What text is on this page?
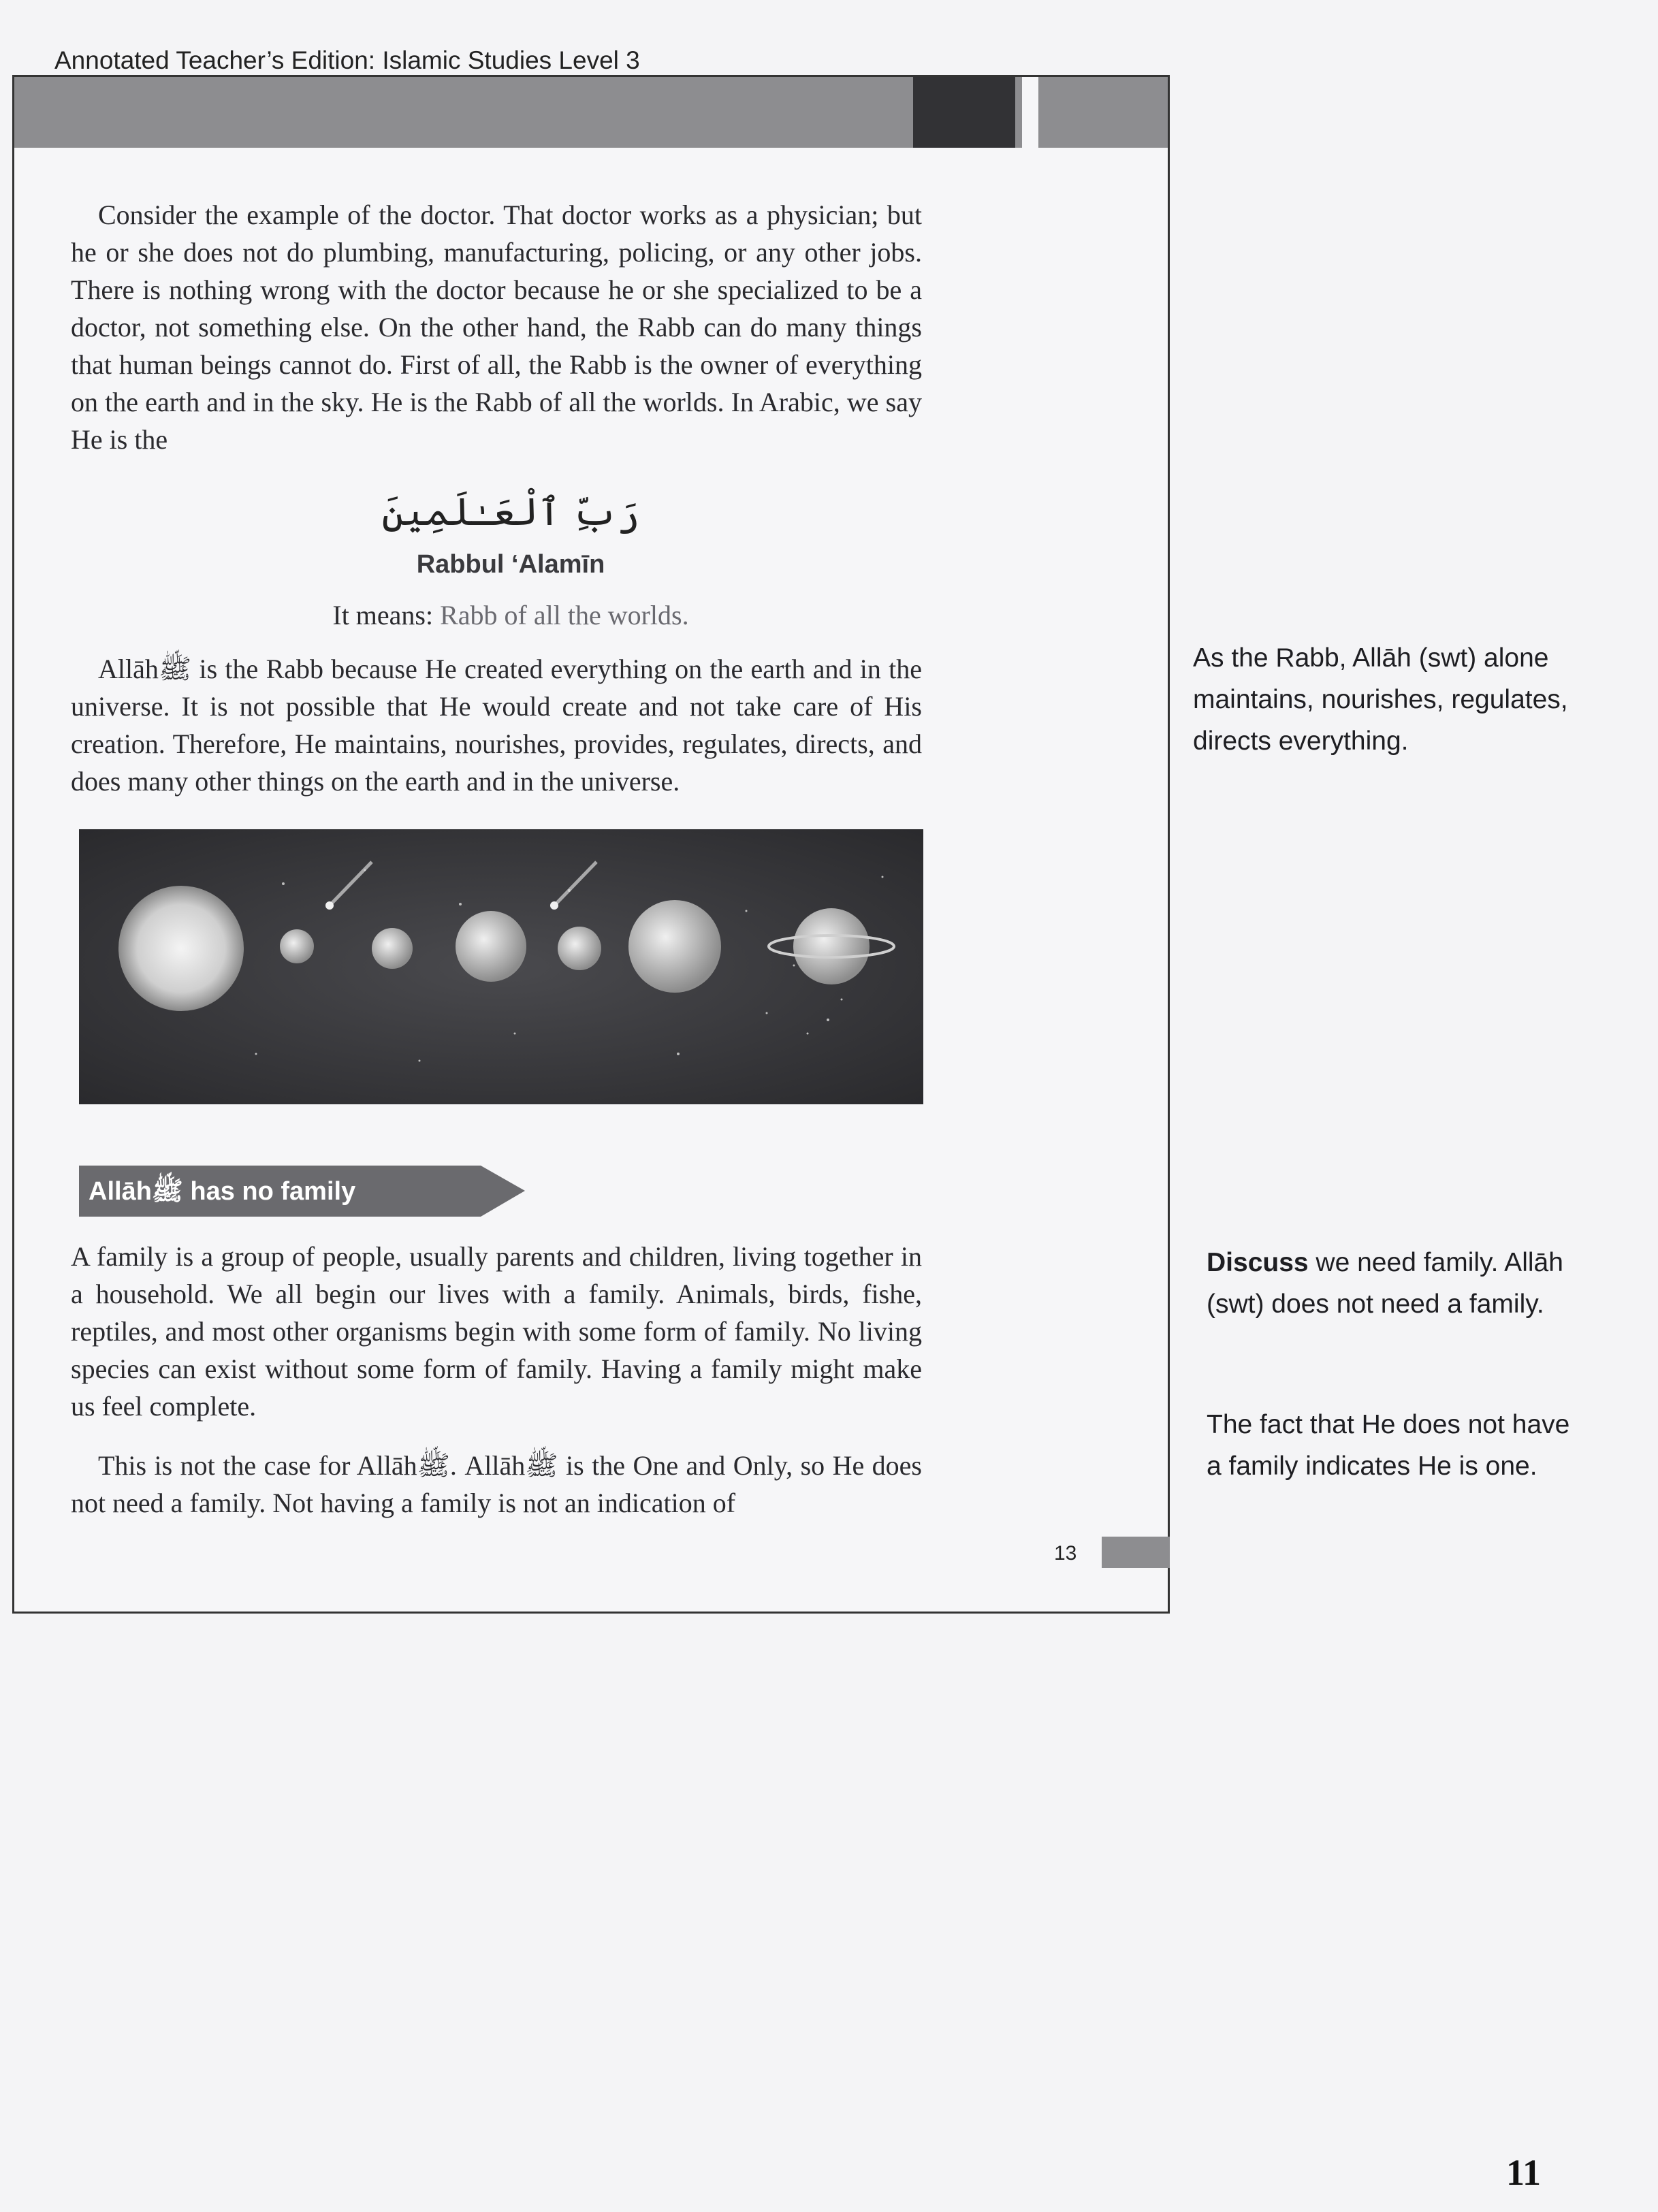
Annotated Teacher’s Edition: Islamic Studies Level 3

Consider the example of the doctor. That doctor works as a physician; but he or she does not do plumbing, manufacturing, policing, or any other jobs. There is nothing wrong with the doctor because he or she specialized to be a doctor, not something else. On the other hand, the Rabb can do many things that human beings cannot do. First of all, the Rabb is the owner of everything on the earth and in the sky. He is the Rabb of all the worlds. In Arabic, we say He is the

رَبِّ ٱلْعَـٰلَمِينَ
Rabbul ‘Alamīn
It means: Rabb of all the worlds.

Allāhﷺ is the Rabb because He created everything on the earth and in the universe. It is not possible that He would create and not take care of His creation. Therefore, He maintains, nourishes, provides, regulates, directs, and does many other things on the earth and in the universe.

Allāhﷺ has no family

A family is a group of people, usually parents and children, living together in a household. We all begin our lives with a family. Animals, birds, fishe, reptiles, and most other organisms begin with some form of family. No living species can exist without some form of family. Having a family might make us feel complete.

This is not the case for Allāhﷺ. Allāhﷺ is the One and Only, so He does not need a family. Not having a family is not an indication of

13

As the Rabb, Allāh (swt) alone maintains, nourishes, regulates, directs everything.

Discuss we need family. Allāh (swt) does not need a family.

The fact that He does not have a family indicates He is one.

11
